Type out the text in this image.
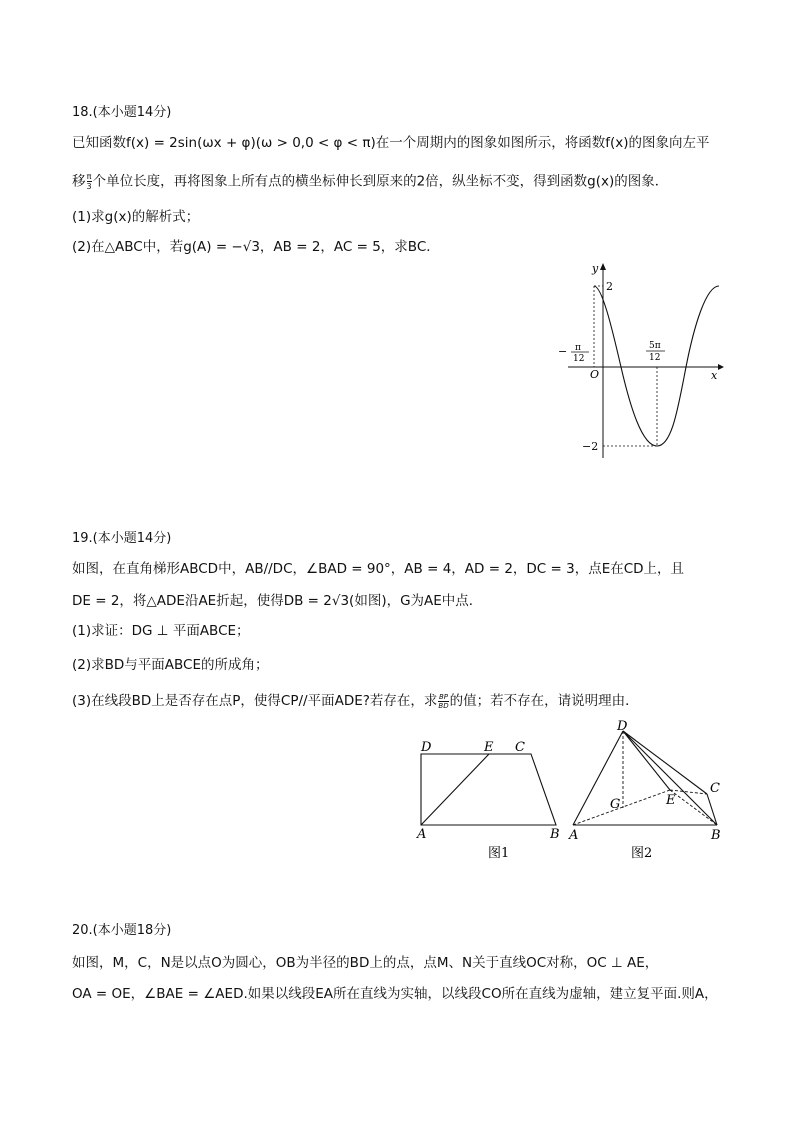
18.(本小题14分)
已知函数f(x) = 2sin(ωx + φ)(ω > 0,0 < φ < π)在一个周期内的图象如图所示，将函数f(x)的图象向左平
移 $\frac{\pi}{3}$ 个单位长度，再将图象上所有点的横坐标伸长到原来的2倍，纵坐标不变，得到函数g(x)的图象．
(1)求g(x)的解析式；
(2)在△ABC中，若g(A) = −√3，AB = 2，AC = 5，求BC．
y
x
O
2
−2
− π
12
5π
12
19.(本小题14分)
如图，在直角梯形ABCD中，AB//DC，∠BAD = 90°，AB = 4，AD = 2，DC = 3，点E在CD上，且
DE = 2，将△ADE沿AE折起，使得DB = 2√3(如图)，G为AE中点．
(1)求证：DG ⊥ 平面ABCE；
(2)求BD与平面ABCE的所成角；
(3)在线段BD上是否存在点P，使得CP//平面ADE?若存在，求 $\frac{BP}{BD}$ 的值；若不存在，请说明理由．
D	E C
A	B
图1
D
C
E
G
A	B
图2
20.(本小题18分)
如图，M，C，N是以点O为圆心，OB为半径的BD上的点，点M、N关于直线OC对称，OC ⊥ AE，
OA = OE，∠BAE = ∠AED.如果以线段EA所在直线为实轴，以线段CO所在直线为虚轴，建立复平面.则A，
